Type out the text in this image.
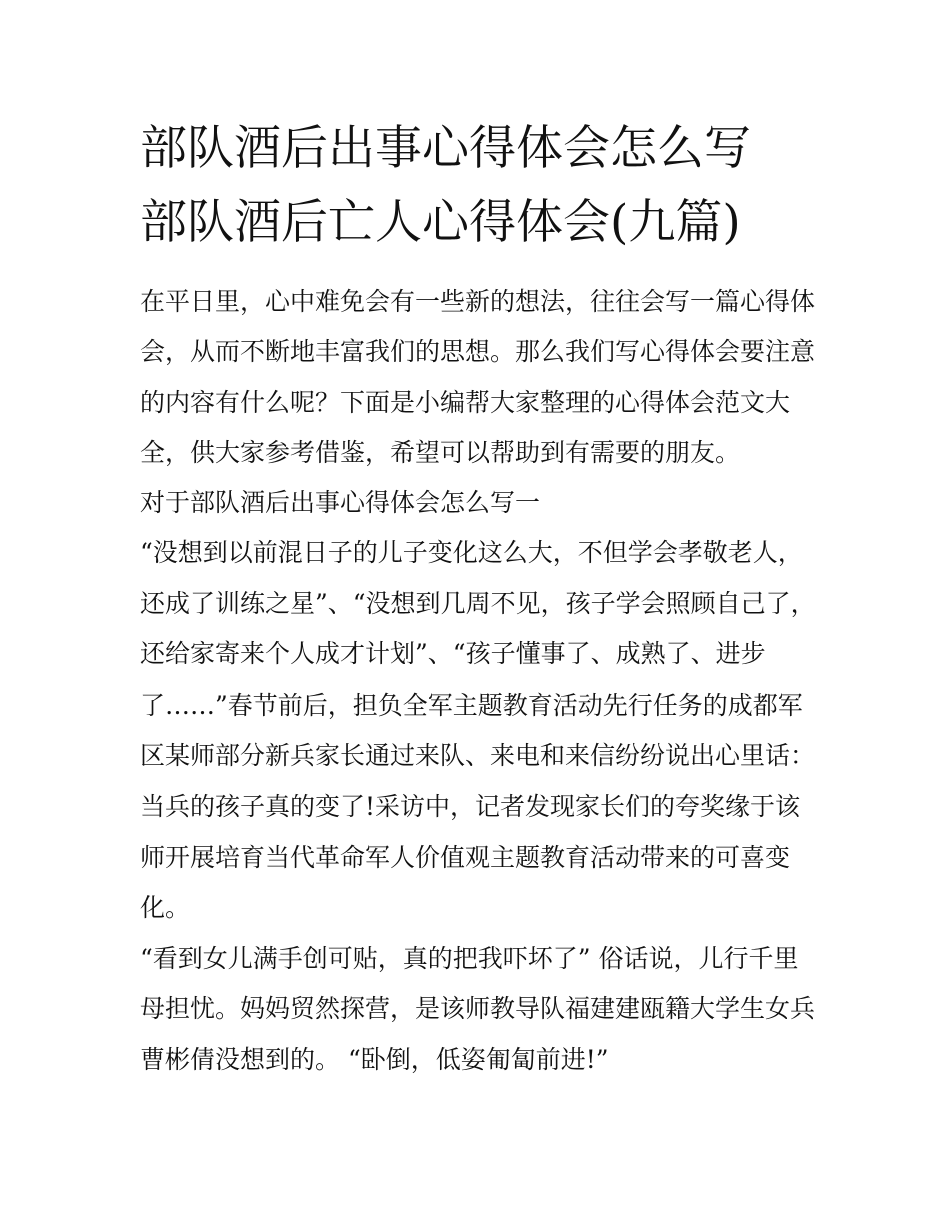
部队酒后出事心得体会怎么写
部队酒后亡人心得体会(九篇)
在平日里，心中难免会有一些新的想法，往往会写一篇心得体
会，从而不断地丰富我们的思想。那么我们写心得体会要注意
的内容有什么呢？下面是小编帮大家整理的心得体会范文大
全，供大家参考借鉴，希望可以帮助到有需要的朋友。
对于部队酒后出事心得体会怎么写一
“没想到以前混日子的儿子变化这么大，不但学会孝敬老人，
还成了训练之星”、“没想到几周不见，孩子学会照顾自己了，
还给家寄来个人成才计划”、“孩子懂事了、成熟了、进步
了……”春节前后，担负全军主题教育活动先行任务的成都军
区某师部分新兵家长通过来队、来电和来信纷纷说出心里话：
当兵的孩子真的变了!采访中，记者发现家长们的夸奖缘于该
师开展培育当代革命军人价值观主题教育活动带来的可喜变
化。
“看到女儿满手创可贴，真的把我吓坏了” 俗话说，儿行千里
母担忧。妈妈贸然探营，是该师教导队福建建瓯籍大学生女兵
曹彬倩没想到的。 “卧倒，低姿匍匐前进!”
